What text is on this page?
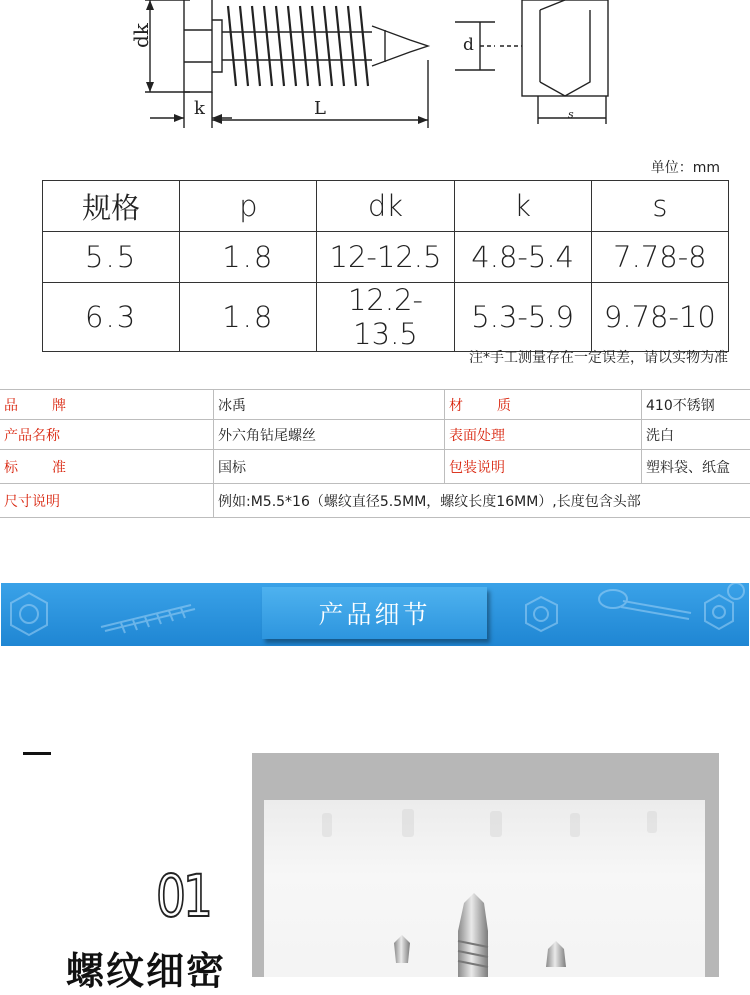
dk
k	L
d
s
单位：mm
规格	p	dk	k	s
5.5	1.8	12-12.5	4.8-5.4	7.78-8
6.3	1.8	12.2-13.5	5.3-5.9	9.78-10
注*手工测量存在一定误差，请以实物为准
品 牌	冰禹	材 质	410不锈钢
产品名称	外六角钻尾螺丝	表面处理	洗白

标 准	国标	包装说明	塑料袋、纸盒
尺寸说明	例如:M5.5*16（螺纹直径5.5MM，螺纹长度16MM）,长度包含头部		
产品细节
01
螺纹细密
